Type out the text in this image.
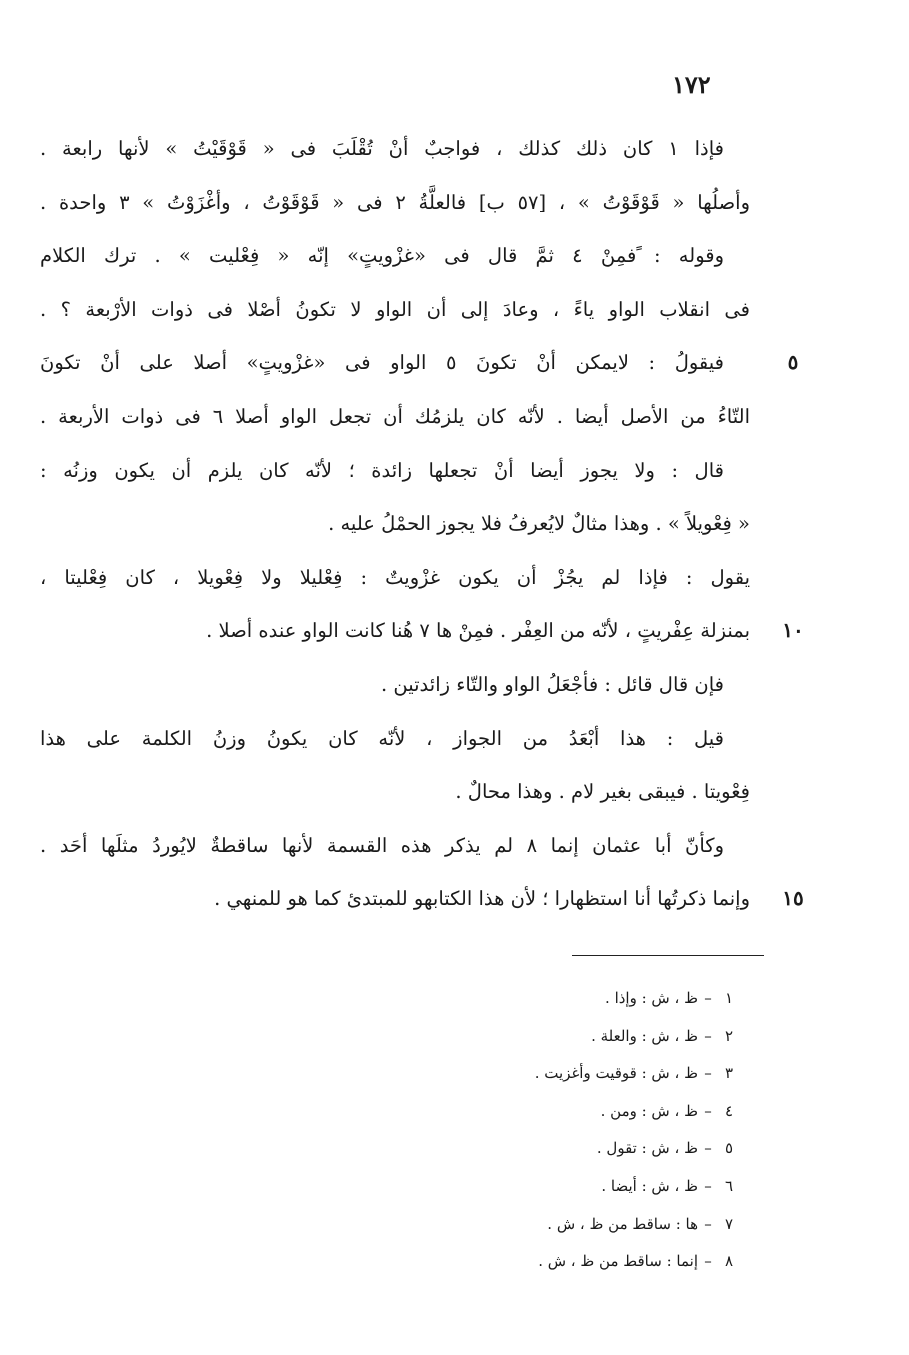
١٧٢
فإذا ١ كان ذلك كذلك ، فواجبٌ أنْ تُقْلَبَ فى « قَوْقَيْتُ » لأنها رابعة .
وأصلُها « قَوْقَوْتُ » ، [٥٧ ب] فالعلَّةُ ٢ فى « قَوْقَوْتُ ، وأغْزَوْتُ » ٣ واحدة .
وقوله : ًفمِنْ ٤ ثمَّ قال فى «غزْويتٍ» إنّه « فِعْليت » . ترك الكلام
فى انقلاب الواو ياءً ، وعادَ إلى أن الواو لا تكونُ أصْلا فى ذوات الأرْبعة ؟ .
فيقولُ : لايمكن أنْ تكونَ ٥ الواو فى «غزْويتٍ» أصلا على أنْ تكونَ
التّاءُ من الأصل أيضا . لأنّه كان يلزمُك أن تجعل الواو أصلا ٦ فى ذوات الأربعة .
قال : ولا يجوز أيضا أنْ تجعلها زائدة ؛ لأنّه كان يلزم أن يكون وزنُه :
« فِعْويلاً » . وهذا مثالٌ لايُعرفُ فلا يجوز الحمْلُ عليه .
يقول : فإذا لم يجُزْ أن يكون غزْويتٌ : فِعْليلا ولا فِعْويلا ، كان فِعْليتا ،
بمنزلة عِفْريتٍ ، لأنّه من العِفْر . فمِنْ ها ٧ هُنا كانت الواو عنده أصلا .
فإن قال قائل : فأجْعَلُ الواو والتّاء زائدتين .
قيل : هذا أبْعَدُ من الجواز ، لأنّه كان يكونُ وزنُ الكلمة على هذا
فِعْويتا . فيبقى بغير لام . وهذا محالٌ .
وكأنّ أبا عثمان إنما ٨ لم يذكر هذه القسمة لأنها ساقطةٌ لايُوردُ مثلَها أحَد .
وإنما ذكرتُها أنا استظهارا ؛ لأن هذا الكتابهو للمبتدئ كما هو للمنهي .
١–ظ ، ش : وإذا .
٢–ظ ، ش : والعلة .
٣–ظ ، ش : قوقيت وأغزيت .
٤–ظ ، ش : ومن .
٥–ظ ، ش : تقول .
٦–ظ ، ش : أيضا .
٧–ها : ساقط من ظ ، ش .
٨–إنما : ساقط من ظ ، ش .
٥
١٠
١٥
